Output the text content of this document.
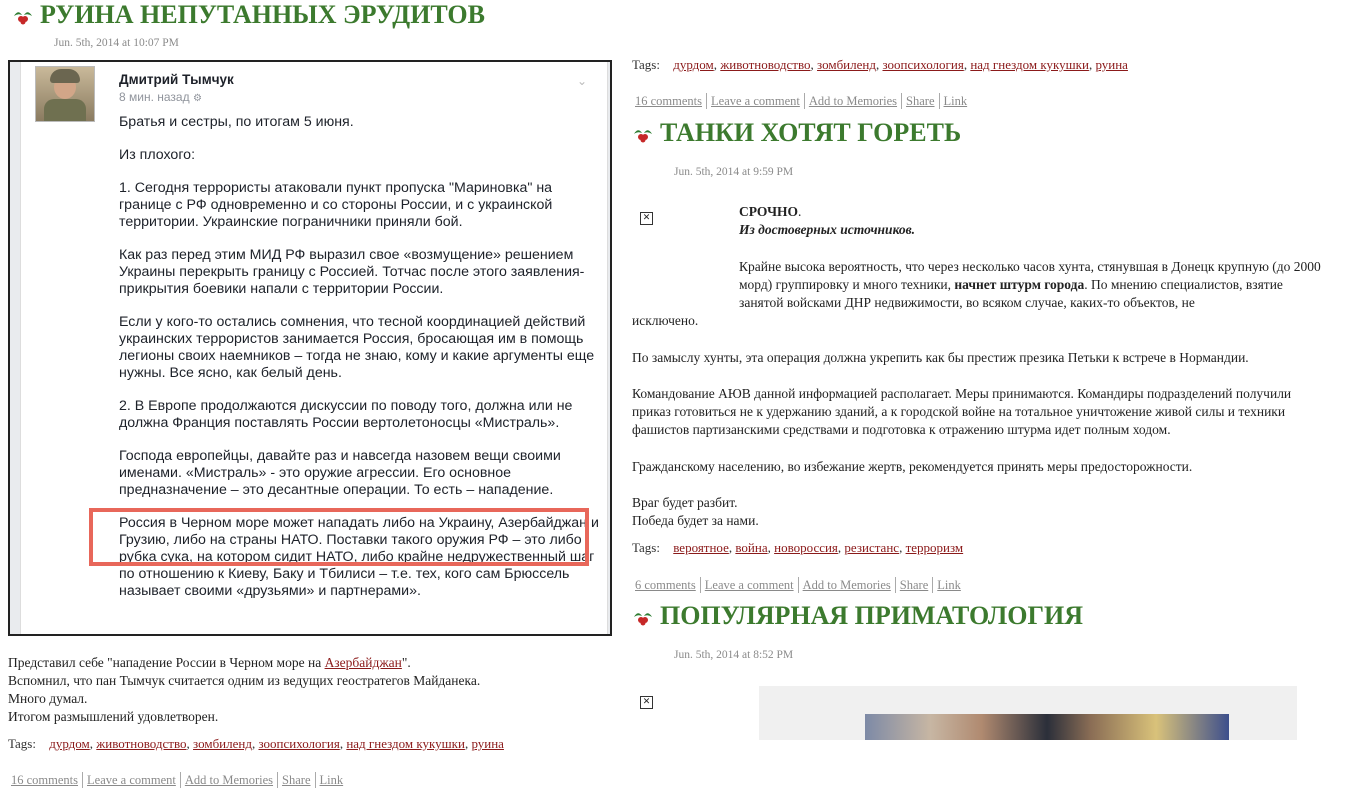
РУИНА НЕПУТАННЫХ ЭРУДИТОВ
Jun. 5th, 2014 at 10:07 PM
Дмитрий Тымчук
8 мин. назад ⚙
⌄

Братья и сестры, по итогам 5 июня.

Из плохого:

1. Сегодня террористы атаковали пункт пропуска "Мариновка" на границе с РФ одновременно и со стороны России, и с украинской территории. Украинские пограничники приняли бой.

Как раз перед этим МИД РФ выразил свое «возмущение» решением Украины перекрыть границу с Россией. Тотчас после этого заявления-прикрытия боевики напали с территории России.

Если у кого-то остались сомнения, что тесной координацией действий украинских террористов занимается Россия, бросающая им в помощь легионы своих наемников – тогда не знаю, кому и какие аргументы еще нужны. Все ясно, как белый день.

2. В Европе продолжаются дискуссии по поводу того, должна или не должна Франция поставлять России вертолетоносцы «Мистраль».

Господа европейцы, давайте раз и навсегда назовем вещи своими именами. «Мистраль» - это оружие агрессии. Его основное предназначение – это десантные операции. То есть – нападение.

Россия в Черном море может нападать либо на Украину, Азербайджан и Грузию, либо на страны НАТО. Поставки такого оружия РФ – это либо рубка сука, на котором сидит НАТО, либо крайне недружественный шаг по отношению к Киеву, Баку и Тбилиси – т.е. тех, кого сам Брюссель называет своими «друзьями» и партнерами».

Представил себе "нападение России в Черном море на Азербайджан".
Вспомнил, что пан Тымчук считается одним из ведущих геостратегов Майданека.
Много думал.
Итогом размышлений удовлетворен.
Tags: дурдом, животноводство, зомбиленд, зоопсихология, над гнездом кукушки, руина
16 comments Leave a comment Add to Memories Share Link
Tags: дурдом, животноводство, зомбиленд, зоопсихология, над гнездом кукушки, руина
16 comments Leave a comment Add to Memories Share Link
ТАНКИ ХОТЯТ ГОРЕТЬ
Jun. 5th, 2014 at 9:59 PM
✕	СРОЧНО.
Из достоверных источников.
Крайне высока вероятность, что через несколько часов хунта, стянувшая в Донецк крупную (до 2000 морд) группировку и много техники, начнет штурм города. По мнению специалистов, взятие занятой войсками ДНР недвижимости, во всяком случае, каких-то объектов, не
исключено.
По замыслу хунты, эта операция должна укрепить как бы престиж презика Петьки к встрече в Нормандии.
Командование АЮВ данной информацией располагает. Меры принимаются. Командиры подразделений получили приказ готовиться не к удержанию зданий, а к городской войне на тотальное уничтожение живой силы и техники фашистов партизанскими средствами и подготовка к отражению штурма идет полным ходом.
Гражданскому населению, во избежание жертв, рекомендуется принять меры предосторожности.
Враг будет разбит.
Победа будет за нами.
Tags: вероятное, война, новороссия, резистанс, терроризм
6 comments Leave a comment Add to Memories Share Link
ПОПУЛЯРНАЯ ПРИМАТОЛОГИЯ
Jun. 5th, 2014 at 8:52 PM
✕
